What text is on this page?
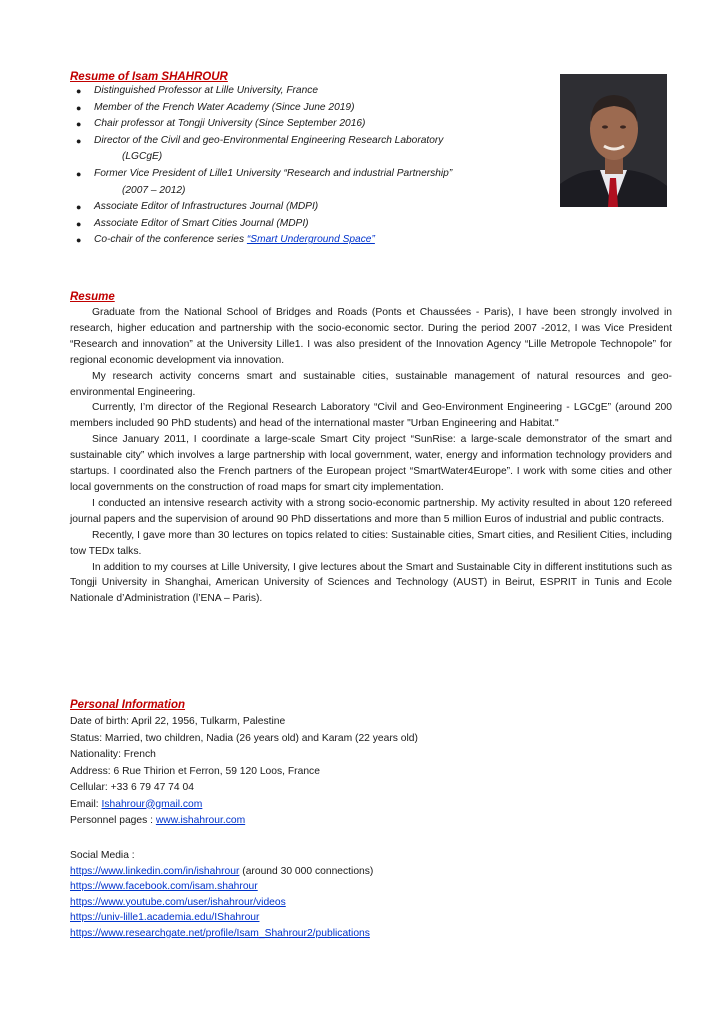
Resume of Isam SHAHROUR
● Distinguished Professor at Lille University, France
● Member of the French Water Academy (Since June 2019)
● Chair professor at Tongji University (Since September 2016)
● Director of the Civil and geo-Environmental Engineering Research Laboratory
(LGCgE)
● Former Vice President of Lille1 University “Research and industrial Partnership”
(2007 – 2012)
● Associate Editor of Infrastructures Journal (MDPI)
● Associate Editor of Smart Cities Journal (MDPI)
● Co-chair of the conference series “Smart Underground Space”
Resume

Graduate from the National School of Bridges and Roads (Ponts et Chaussées - Paris), I have been strongly involved in research, higher education and partnership with the socio-economic sector. During the period 2007 -2012, I was Vice President “Research and innovation” at the University Lille1. I was also president of the Innovation Agency “Lille Metropole Technopole” for regional economic development via innovation.

My research activity concerns smart and sustainable cities, sustainable management of natural resources and geo-environmental Engineering.

Currently, I’m director of the Regional Research Laboratory “Civil and Geo-Environment Engineering - LGCgE” (around 200 members included 90 PhD students) and head of the international master "Urban Engineering and Habitat."

Since January 2011, I coordinate a large-scale Smart City project “SunRise: a large-scale demonstrator of the smart and sustainable city” which involves a large partnership with local government, water, energy and information technology providers and startups. I coordinated also the French partners of the European project “SmartWater4Europe”. I work with some cities and other local governments on the construction of road maps for smart city implementation.

I conducted an intensive research activity with a strong socio-economic partnership. My activity resulted in about 120 refereed journal papers and the supervision of around 90 PhD dissertations and more than 5 million Euros of industrial and public contracts.

Recently, I gave more than 30 lectures on topics related to cities: Sustainable cities, Smart cities, and Resilient Cities, including tow TEDx talks.

In addition to my courses at Lille University, I give lectures about the Smart and Sustainable City in different institutions such as Tongji University in Shanghai, American University of Sciences and Technology (AUST) in Beirut, ESPRIT in Tunis and Ecole Nationale d’Administration (l’ENA – Paris).

Personal Information
Date of birth: April 22, 1956, Tulkarm, Palestine
Status: Married, two children, Nadia (26 years old) and Karam (22 years old)
Nationality: French
Address: 6 Rue Thirion et Ferron, 59 120 Loos, France
Cellular: +33 6 79 47 74 04
Email: Ishahrour@gmail.com
Personnel pages : www.ishahrour.com
Social Media :
https://www.linkedin.com/in/ishahrour (around 30 000 connections)
https://www.facebook.com/isam.shahrour
https://www.youtube.com/user/ishahrour/videos
https://univ-lille1.academia.edu/IShahrour
https://www.researchgate.net/profile/Isam_Shahrour2/publications
